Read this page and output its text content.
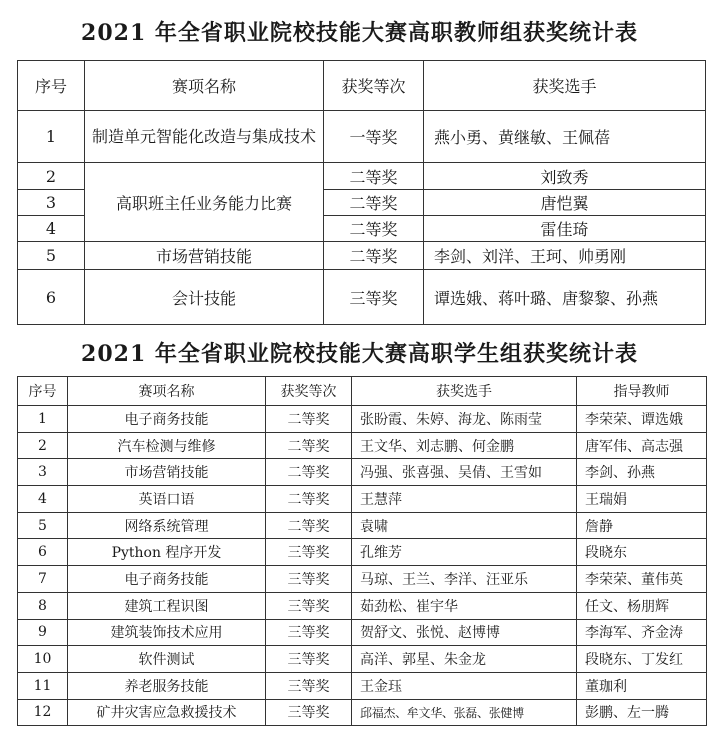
2021 年全省职业院校技能大赛高职教师组获奖统计表
序号	赛项名称	获奖等次	获奖选手
1	制造单元智能化改造与集成技术	一等奖	燕小勇、黄继敏、王佩蓓
2	高职班主任业务能力比赛	二等奖	刘致秀
3		二等奖	唐恺翼
4		二等奖	雷佳琦
5	市场营销技能	二等奖	李剑、刘洋、王珂、帅勇刚
6	会计技能	三等奖	谭选娥、蒋叶璐、唐黎黎、孙燕
2021 年全省职业院校技能大赛高职学生组获奖统计表
序号	赛项名称	获奖等次	获奖选手	指导教师
1	电子商务技能	二等奖	张盼霞、朱婷、海龙、陈雨莹	李荣荣、谭选娥
2	汽车检测与维修	二等奖	王文华、刘志鹏、何金鹏	唐军伟、高志强
3	市场营销技能	二等奖	冯强、张喜强、吴倩、王雪如	李剑、孙燕
4	英语口语	二等奖	王慧萍	王瑞娟
5	网络系统管理	二等奖	袁啸	詹静
6	Python 程序开发	三等奖	孔维芳	段晓东
7	电子商务技能	三等奖	马琼、王兰、李洋、汪亚乐	李荣荣、董伟英
8	建筑工程识图	三等奖	茹劲松、崔宇华	任文、杨朋辉
9	建筑装饰技术应用	三等奖	贺舒文、张悦、赵博博	李海军、齐金涛
10	软件测试	三等奖	高洋、郭星、朱金龙	段晓东、丁发红
11	养老服务技能	三等奖	王金珏	董珈利
12	矿井灾害应急救援技术	三等奖	邱福杰、牟文华、张磊、张健博	彭鹏、左一腾
